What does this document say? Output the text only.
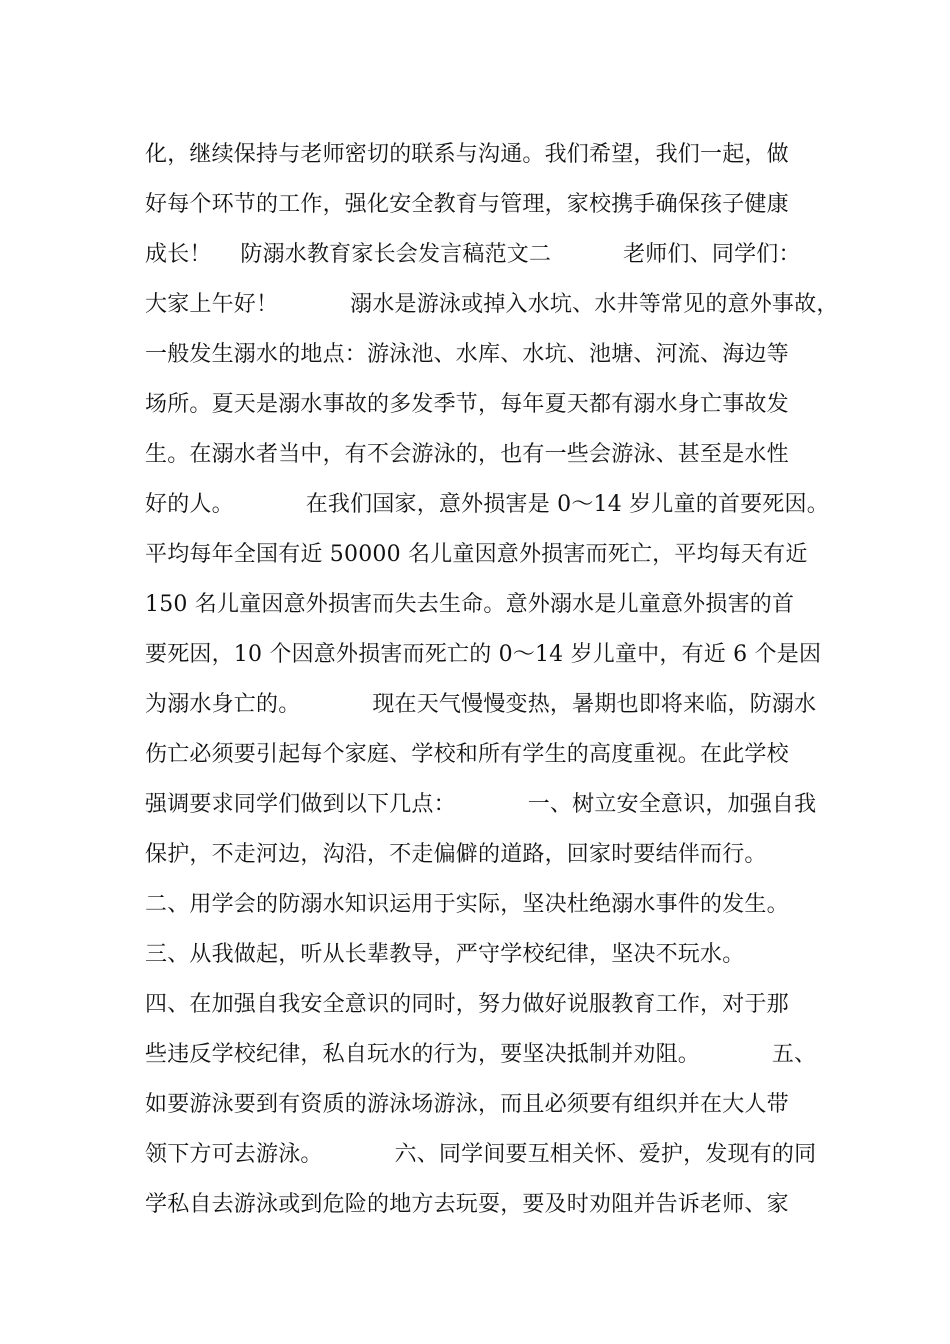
化，继续保持与老师密切的联系与沟通。我们希望，我们一起，做
好每个环节的工作，强化安全教育与管理，家校携手确保孩子健康
成长！    防溺水教育家长会发言稿范文二          老师们、同学们：
大家上午好！          溺水是游泳或掉入水坑、水井等常见的意外事故，
一般发生溺水的地点：游泳池、水库、水坑、池塘、河流、海边等
场所。夏天是溺水事故的多发季节，每年夏天都有溺水身亡事故发
生。在溺水者当中，有不会游泳的，也有一些会游泳、甚至是水性
好的人。          在我们国家，意外损害是 0～14 岁儿童的首要死因。
平均每年全国有近 50000 名儿童因意外损害而死亡，平均每天有近
150 名儿童因意外损害而失去生命。意外溺水是儿童意外损害的首
要死因，10 个因意外损害而死亡的 0～14 岁儿童中，有近 6 个是因
为溺水身亡的。          现在天气慢慢变热，暑期也即将来临，防溺水
伤亡必须要引起每个家庭、学校和所有学生的高度重视。在此学校
强调要求同学们做到以下几点：          一、树立安全意识，加强自我
保护，不走河边，沟沿，不走偏僻的道路，回家时要结伴而行。
二、用学会的防溺水知识运用于实际，坚决杜绝溺水事件的发生。
三、从我做起，听从长辈教导，严守学校纪律，坚决不玩水。
四、在加强自我安全意识的同时，努力做好说服教育工作，对于那
些违反学校纪律，私自玩水的行为，要坚决抵制并劝阻。          五、
如要游泳要到有资质的游泳场游泳，而且必须要有组织并在大人带
领下方可去游泳。          六、同学间要互相关怀、爱护，发现有的同
学私自去游泳或到危险的地方去玩耍，要及时劝阻并告诉老师、家
